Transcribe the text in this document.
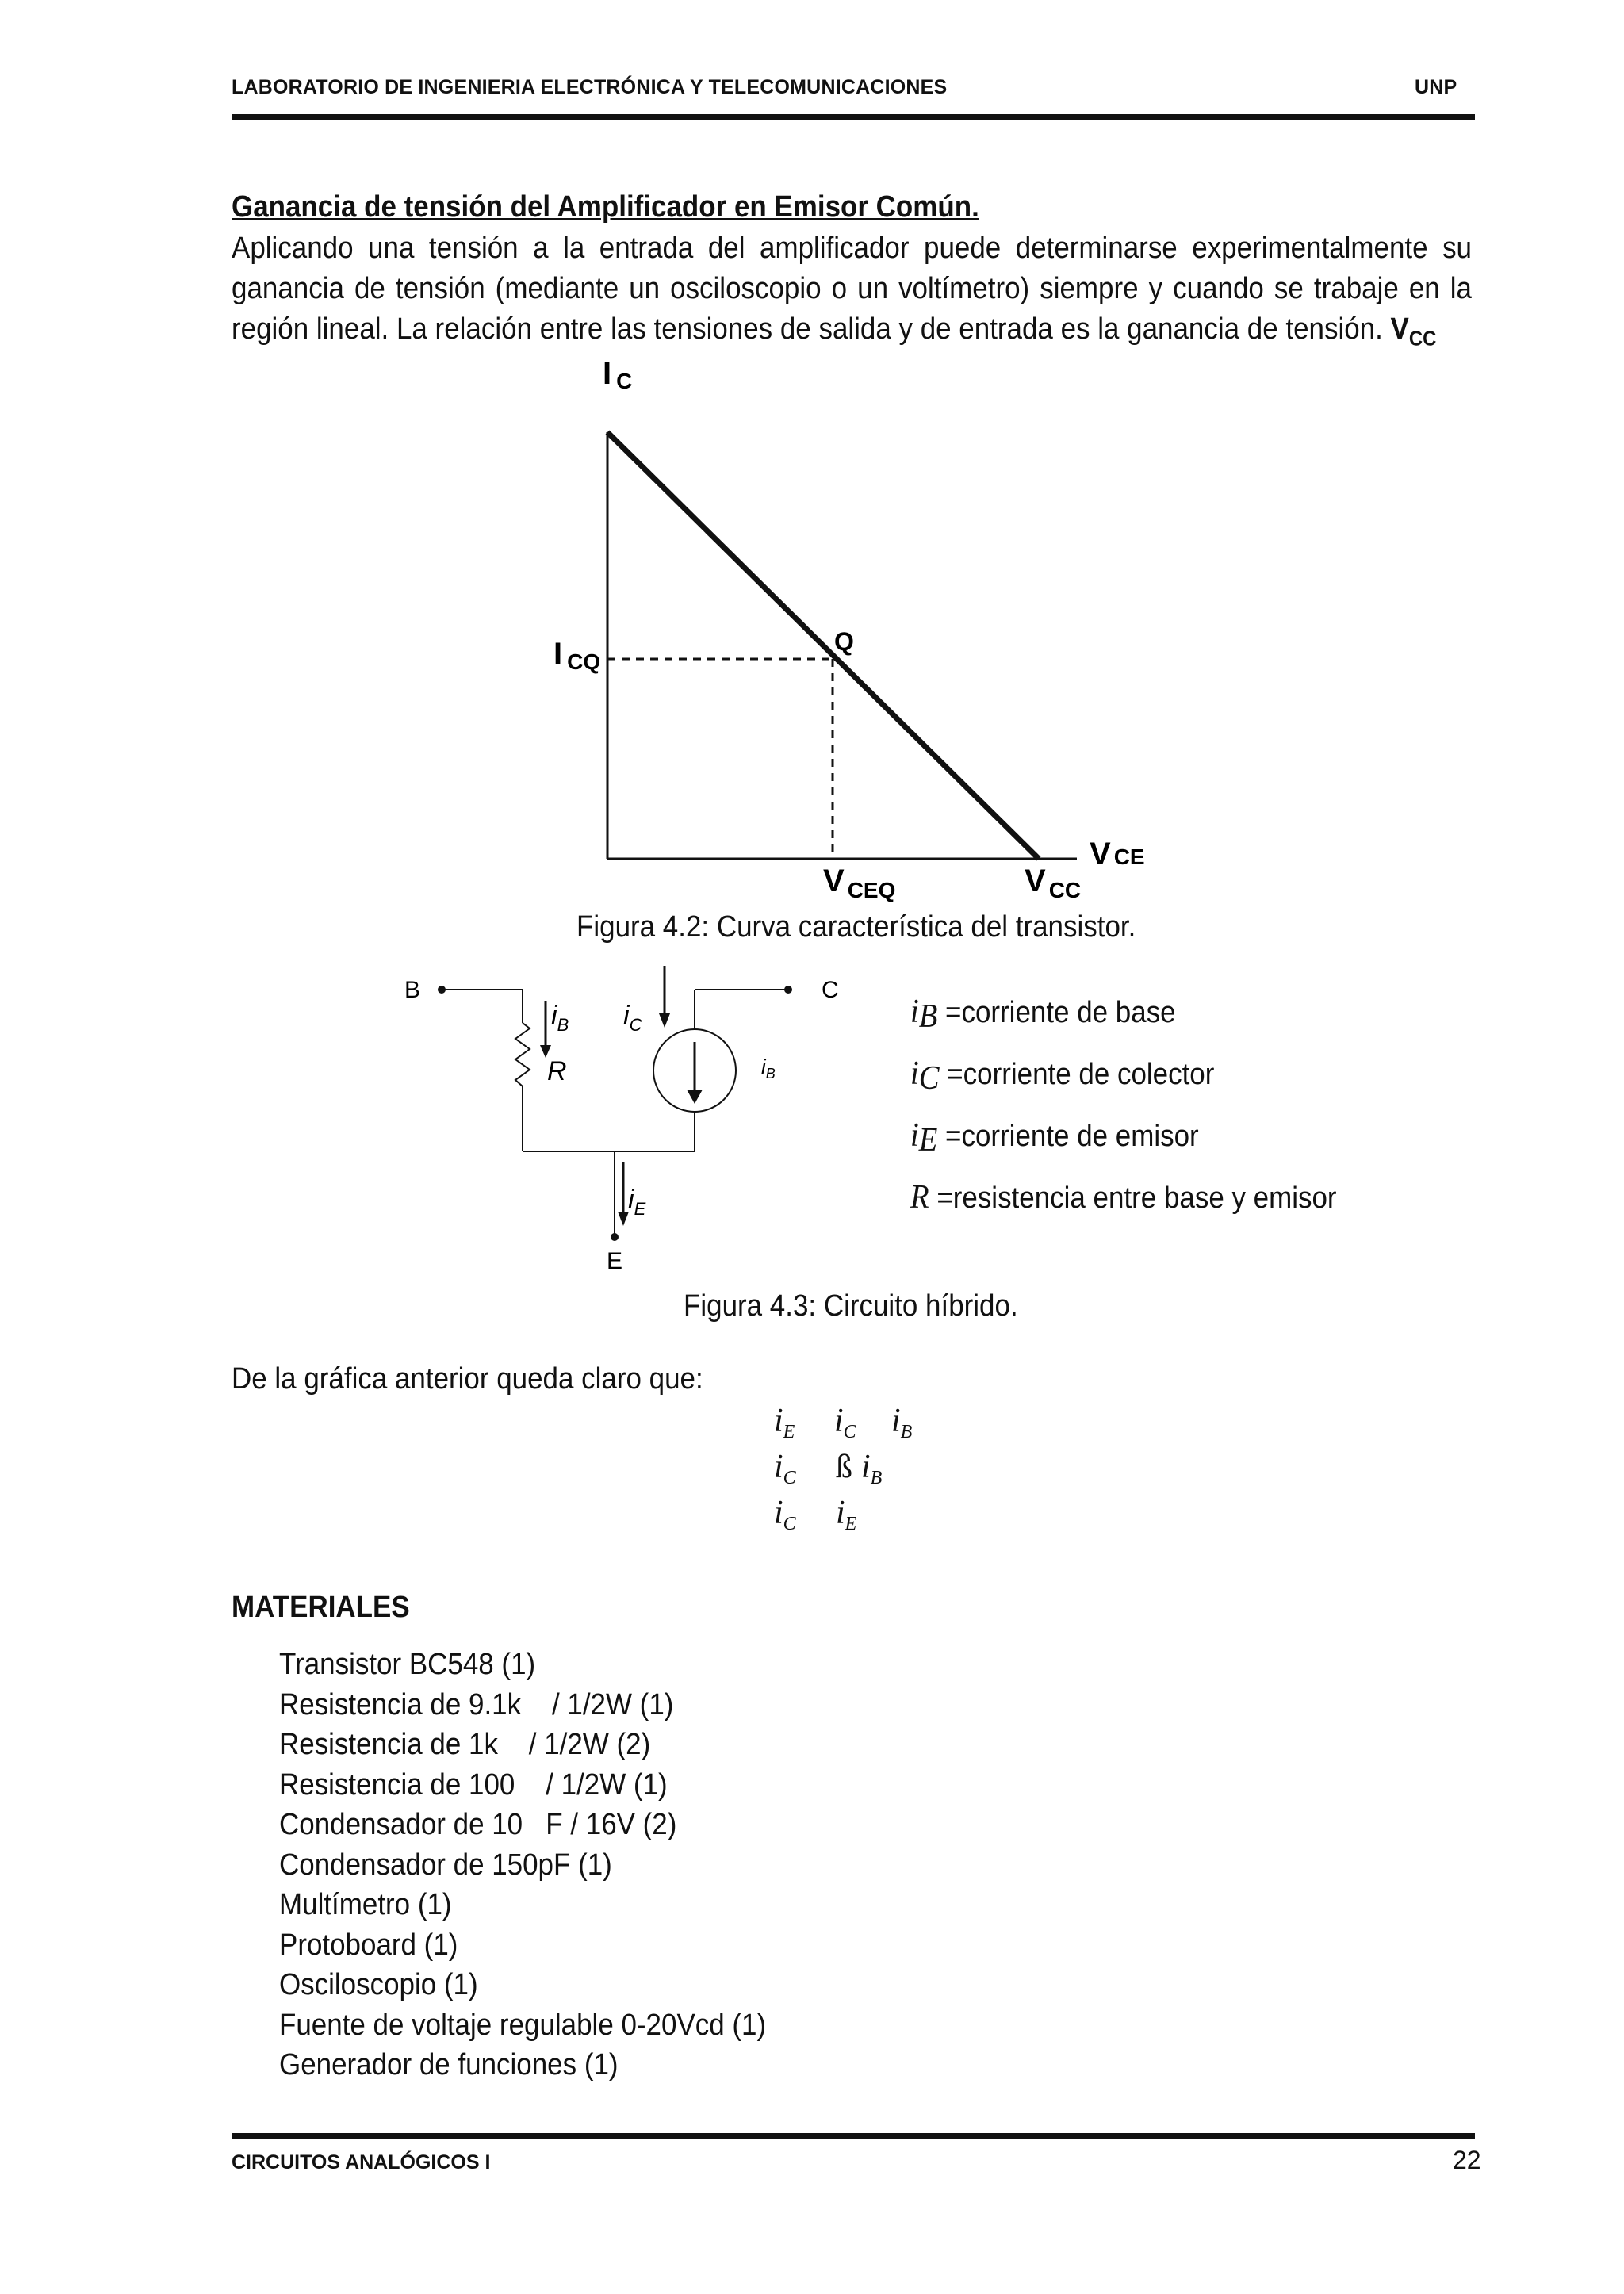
LABORATORIO DE INGENIERIA ELECTRÓNICA Y TELECOMUNICACIONES	UNP
Ganancia de tensión del Amplificador en Emisor Común.
Aplicando una tensión a la entrada del amplificador puede determinarse experimentalmente su
ganancia de tensión (mediante un osciloscopio o un voltímetro) siempre y cuando se trabaje en la
región lineal. La relación entre las tensiones de salida y de entrada es la ganancia de tensión. $V_{CC}$
I C
I CQ
Q
V $_{CEQ}$	V $_{CC}$
V CE
B
$i_B$
R
$i_C$
C
$i_B$
$i_E$
E
Figura 4.2: Curva característica del transistor.
$i_B$ =corriente de base
$i_C$ =corriente de colector
$i_E$ =corriente de emisor
R =resistencia entre base y emisor
Figura 4.3: Circuito híbrido.
De la gráfica anterior queda claro que:
$i_E$ $i_C$ $i_B$
$i_C$ ß $i_B$
$i_C$ $i_E$
MATERIALES
Transistor BC548 (1)
Resistencia de 9.1k    / 1/2W (1)
Resistencia de 1k    / 1/2W (2)
Resistencia de 100    / 1/2W (1)
Condensador de 10   F / 16V (2)
Condensador de 150pF (1)
Multímetro (1)
Protoboard (1)
Osciloscopio (1)
Fuente de voltaje regulable 0-20Vcd (1)
Generador de funciones (1)
CIRCUITOS ANALÓGICOS I	22
